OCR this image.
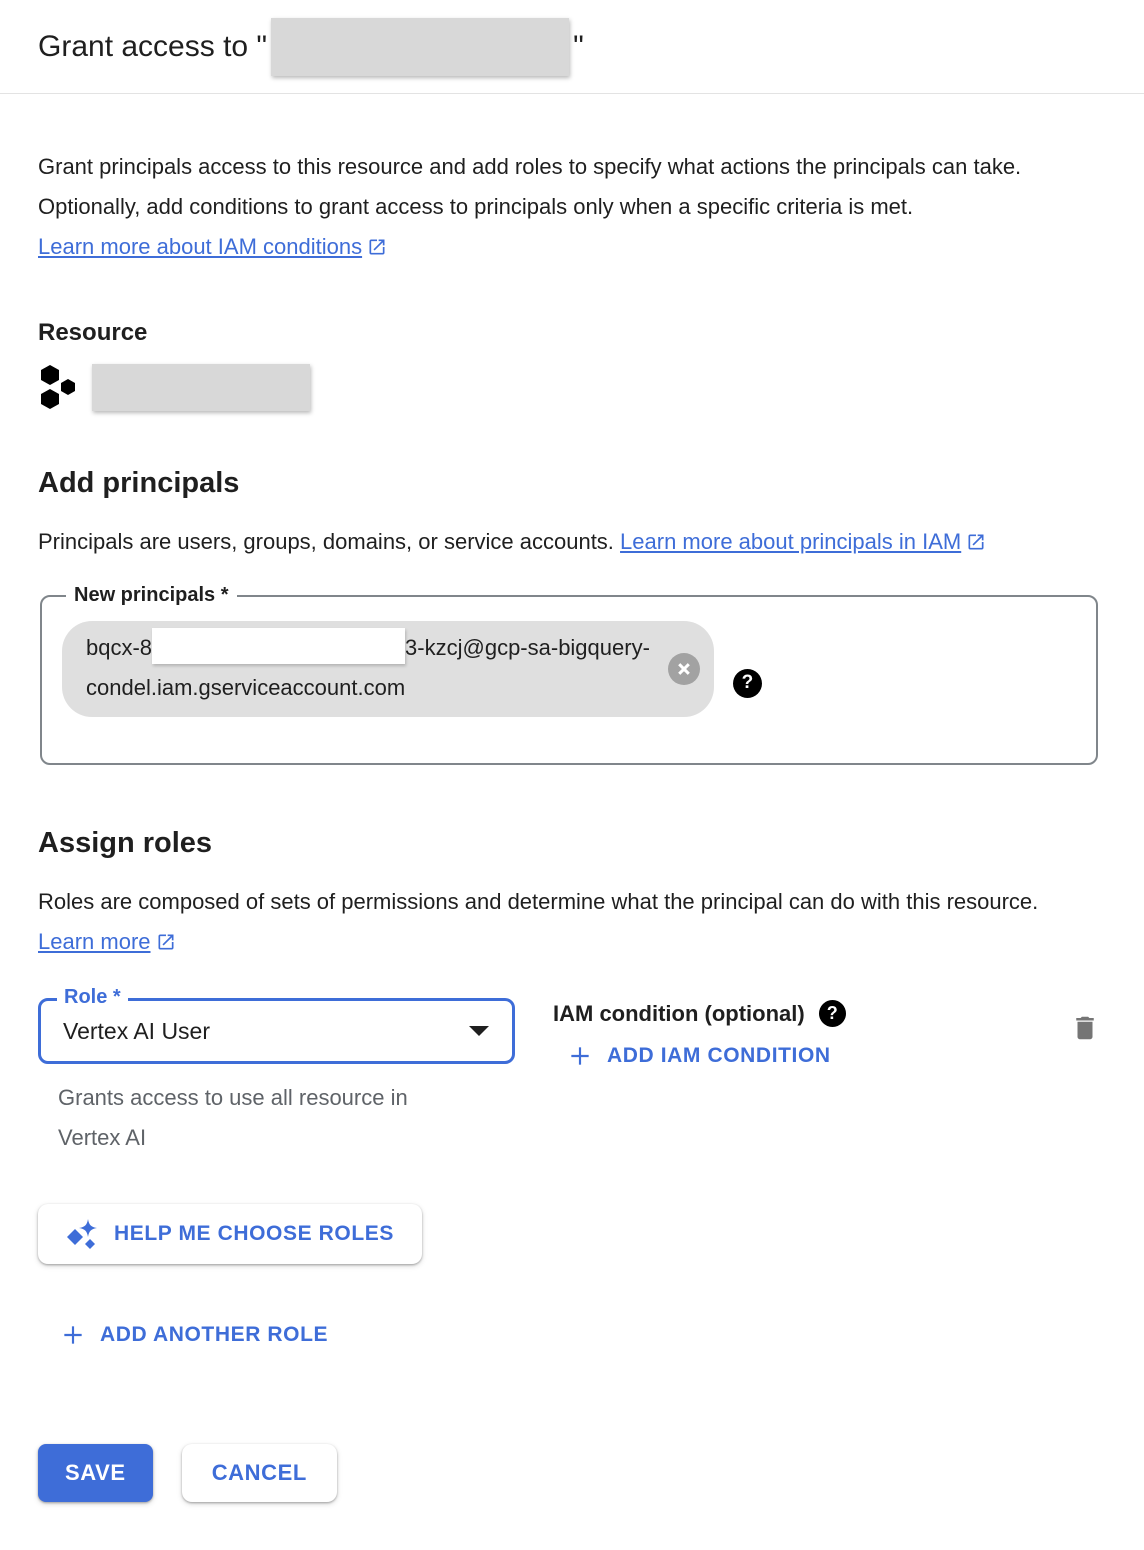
Grant access to "	"

Grant principals access to this resource and add roles to specify what actions the principals can take. Optionally, add conditions to grant access to principals only when a specific criteria is met. Learn more about IAM conditions

Resource
Add principals

Principals are users, groups, domains, or service accounts. Learn more about principals in IAM

New principals *
bqcx-8	3-kzcj@gcp-sa-bigquery-
condel.iam.gserviceaccount.com	?
Assign roles

Roles are composed of sets of permissions and determine what the principal can do with this resource. Learn more

Role *
Vertex AI User
Grants access to use all resource in Vertex AI
IAM condition (optional)	?
ADD IAM CONDITION
HELP ME CHOOSE ROLES
ADD ANOTHER ROLE
SAVE	CANCEL
